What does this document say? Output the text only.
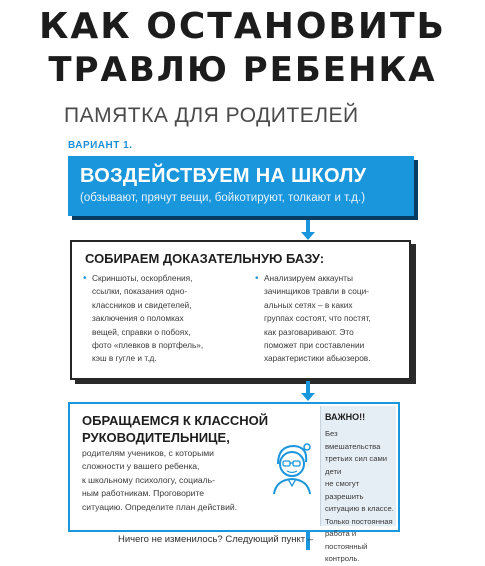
КАК ОСТАНОВИТЬ
ТРАВЛЮ РЕБЕНКА
ПАМЯТКА ДЛЯ РОДИТЕЛЕЙ
ВАРИАНТ 1.
ВОЗДЕЙСТВУЕМ НА ШКОЛУ
(обзывают, прячут вещи, бойкотируют, толкают и т.д.)
СОБИРАЕМ ДОКАЗАТЕЛЬНУЮ БАЗУ:
• Скриншоты, оскорбления,
ссылки, показания одно-
классников и свидетелей,
заключения о поломках
вещей, справки о побоях,
фото «плевков в портфель»,
кэш в гугле и т.д.
• Анализируем аккаунты
зачинщиков травли в соци-
альных сетях – в каких
группах состоят, что постят,
как разговаривают. Это
поможет при составлении
характеристики абьюзеров.
ОБРАЩАЕМСЯ К КЛАССНОЙ
РУКОВОДИТЕЛЬНИЦЕ,
родителям учеников, с которыми
сложности у вашего ребенка,
к школьному психологу, социаль-
ным работникам. Проговорите
ситуацию. Определите план действий.
ВАЖНО!!
Без вмешательства
третьих сил сами дети
не смогут разрешить
ситуацию в классе.
Только постоянная
работа и постоянный
контроль.
Ничего не изменилось? Следующий пункт –
